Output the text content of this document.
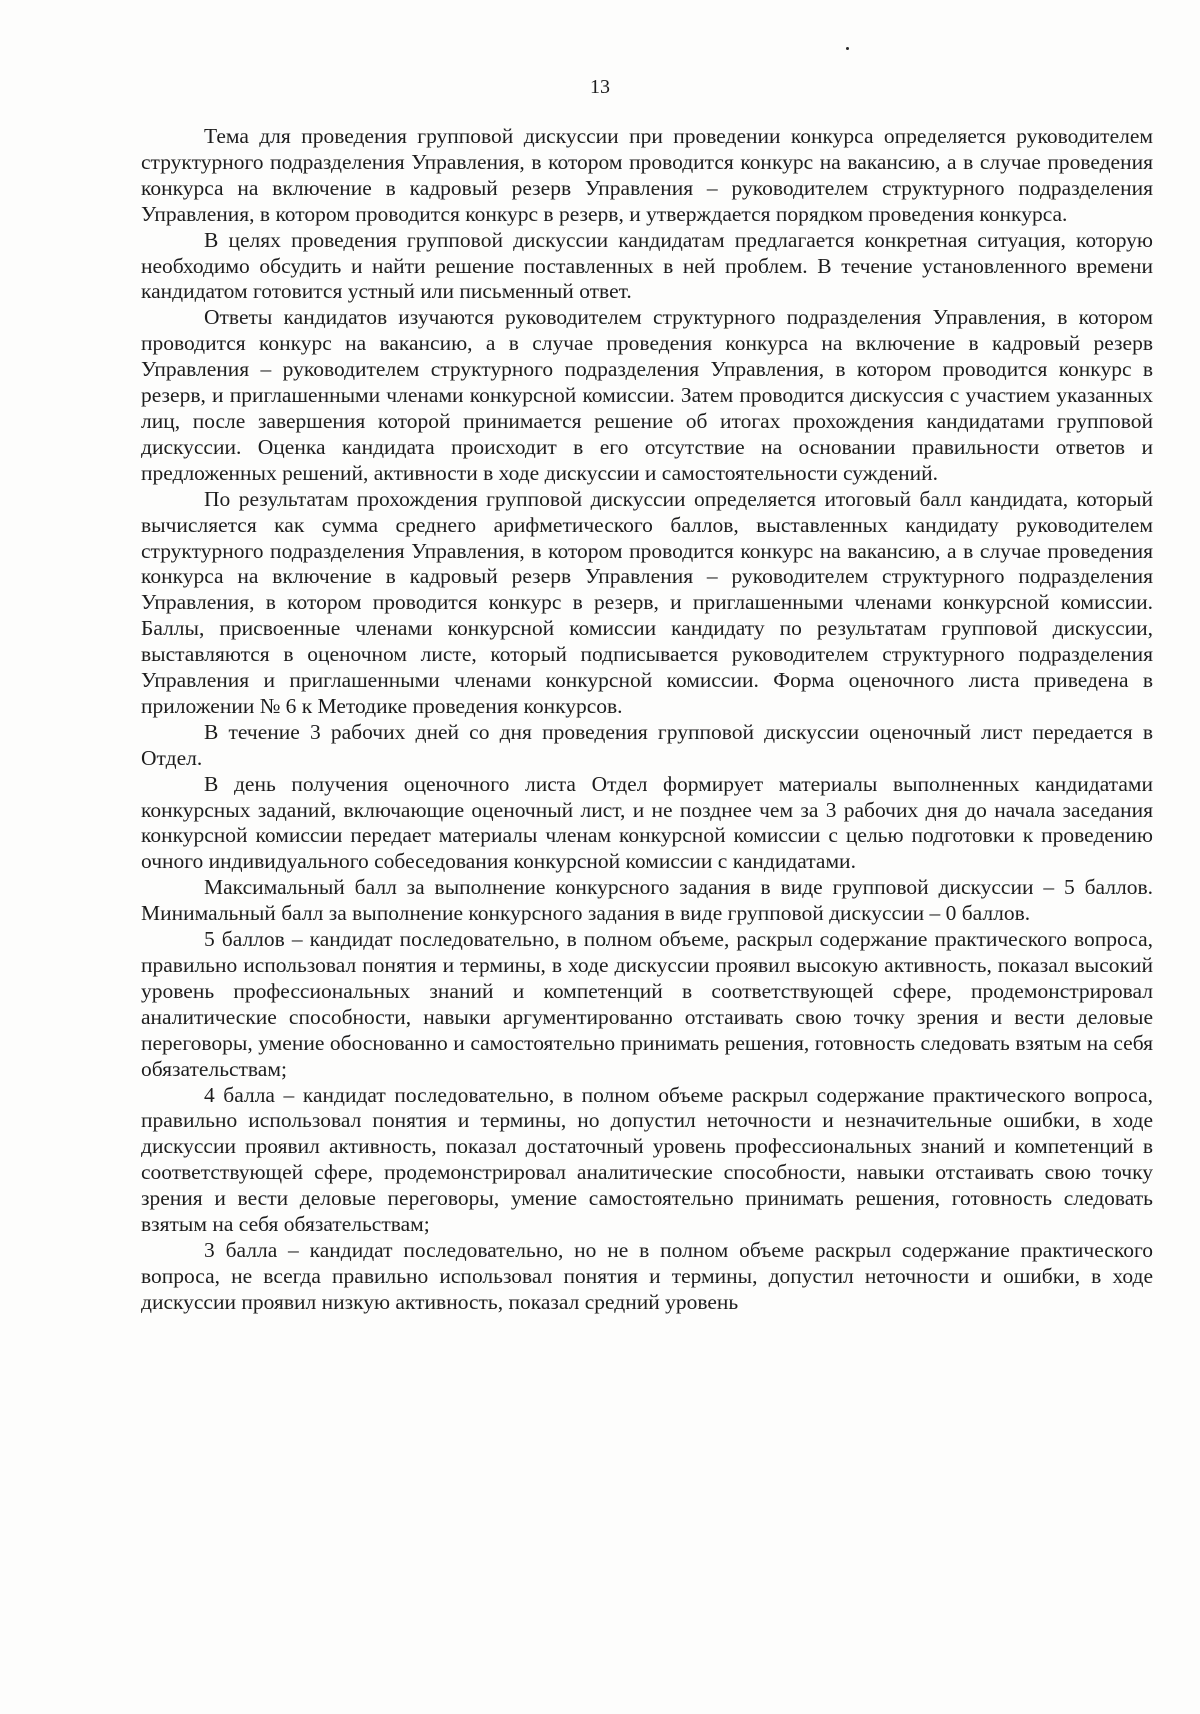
13

Тема для проведения групповой дискуссии при проведении конкурса определяется руководителем структурного подразделения Управления, в котором проводится конкурс на вакансию, а в случае проведения конкурса на включение в кадровый резерв Управления – руководителем структурного подразделения Управления, в котором проводится конкурс в резерв, и утверждается порядком проведения конкурса.

В целях проведения групповой дискуссии кандидатам предлагается конкретная ситуация, которую необходимо обсудить и найти решение поставленных в ней проблем. В течение установленного времени кандидатом готовится устный или письменный ответ.

Ответы кандидатов изучаются руководителем структурного подразделения Управления, в котором проводится конкурс на вакансию, а в случае проведения конкурса на включение в кадровый резерв Управления – руководителем структурного подразделения Управления, в котором проводится конкурс в резерв, и приглашенными членами конкурсной комиссии. Затем проводится дискуссия с участием указанных лиц, после завершения которой принимается решение об итогах прохождения кандидатами групповой дискуссии. Оценка кандидата происходит в его отсутствие на основании правильности ответов и предложенных решений, активности в ходе дискуссии и самостоятельности суждений.

По результатам прохождения групповой дискуссии определяется итоговый балл кандидата, который вычисляется как сумма среднего арифметического баллов, выставленных кандидату руководителем структурного подразделения Управления, в котором проводится конкурс на вакансию, а в случае проведения конкурса на включение в кадровый резерв Управления – руководителем структурного подразделения Управления, в котором проводится конкурс в резерв, и приглашенными членами конкурсной комиссии. Баллы, присвоенные членами конкурсной комиссии кандидату по результатам групповой дискуссии, выставляются в оценочном листе, который подписывается руководителем структурного подразделения Управления и приглашенными членами конкурсной комиссии. Форма оценочного листа приведена в приложении № 6 к Методике проведения конкурсов.

В течение 3 рабочих дней со дня проведения групповой дискуссии оценочный лист передается в Отдел.

В день получения оценочного листа Отдел формирует материалы выполненных кандидатами конкурсных заданий, включающие оценочный лист, и не позднее чем за 3 рабочих дня до начала заседания конкурсной комиссии передает материалы членам конкурсной комиссии с целью подготовки к проведению очного индивидуального собеседования конкурсной комиссии с кандидатами.

Максимальный балл за выполнение конкурсного задания в виде групповой дискуссии – 5 баллов. Минимальный балл за выполнение конкурсного задания в виде групповой дискуссии – 0 баллов.

5 баллов – кандидат последовательно, в полном объеме, раскрыл содержание практического вопроса, правильно использовал понятия и термины, в ходе дискуссии проявил высокую активность, показал высокий уровень профессиональных знаний и компетенций в соответствующей сфере, продемонстрировал аналитические способности, навыки аргументированно отстаивать свою точку зрения и вести деловые переговоры, умение обоснованно и самостоятельно принимать решения, готовность следовать взятым на себя обязательствам;

4 балла – кандидат последовательно, в полном объеме раскрыл содержание практического вопроса, правильно использовал понятия и термины, но допустил неточности и незначительные ошибки, в ходе дискуссии проявил активность, показал достаточный уровень профессиональных знаний и компетенций в соответствующей сфере, продемонстрировал аналитические способности, навыки отстаивать свою точку зрения и вести деловые переговоры, умение самостоятельно принимать решения, готовность следовать взятым на себя обязательствам;

3 балла – кандидат последовательно, но не в полном объеме раскрыл содержание практического вопроса, не всегда правильно использовал понятия и термины, допустил неточности и ошибки, в ходе дискуссии проявил низкую активность, показал средний уровень
